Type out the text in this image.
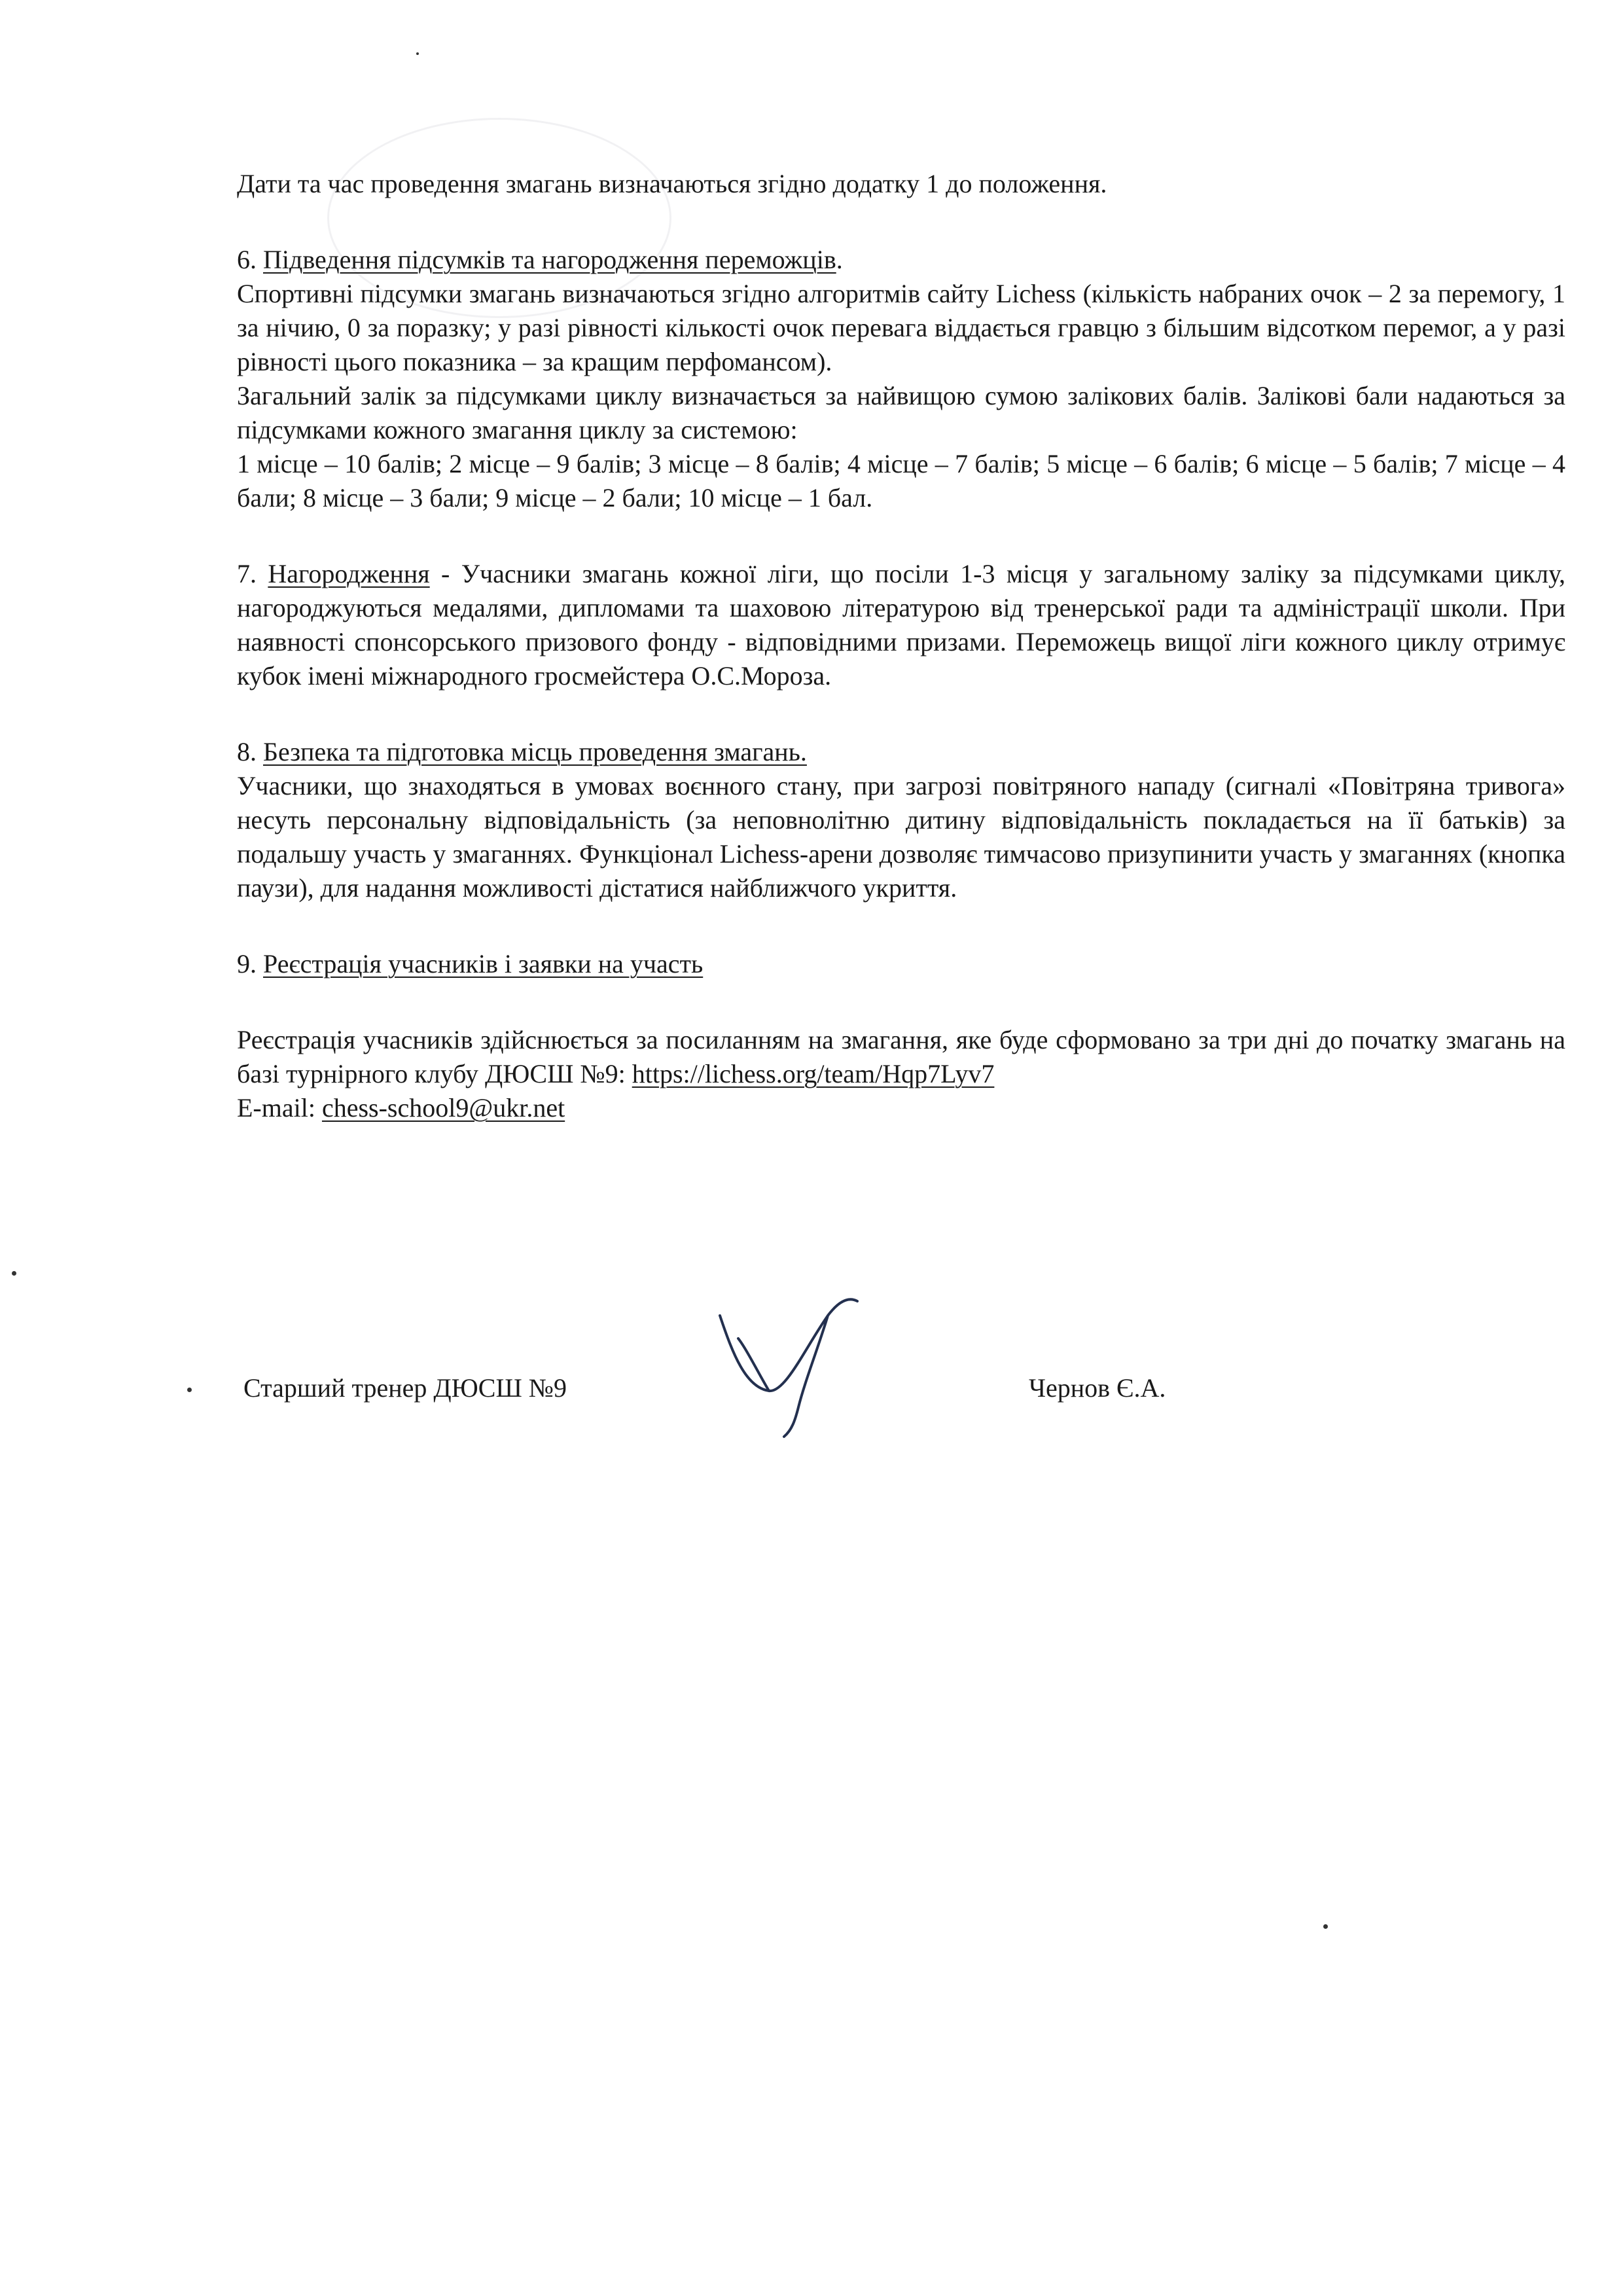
Дати та час проведення змагань визначаються згідно додатку 1 до положення.

6. Підведення підсумків та нагородження переможців.

Спортивні підсумки змагань визначаються згідно алгоритмів сайту Lichess (кількість набраних очок – 2 за перемогу, 1 за нічию, 0 за поразку; у разі рівності кількості очок перевага віддається гравцю з більшим відсотком перемог, а у разі рівності цього показника – за кращим перфомансом).

Загальний залік за підсумками циклу визначається за найвищою сумою залікових балів. Залікові бали надаються за підсумками кожного змагання циклу за системою:

1 місце – 10 балів; 2 місце – 9 балів; 3 місце – 8 балів; 4 місце – 7 балів; 5 місце – 6 балів; 6 місце – 5 балів; 7 місце – 4 бали; 8 місце – 3 бали; 9 місце – 2 бали; 10 місце – 1 бал.

7. Нагородження - Учасники змагань кожної ліги, що посіли 1-3 місця у загальному заліку за підсумками циклу, нагороджуються медалями, дипломами та шаховою літературою від тренерської ради та адміністрації школи. При наявності спонсорського призового фонду - відповідними призами. Переможець вищої ліги кожного циклу отримує кубок імені міжнародного гросмейстера О.С.Мороза.

8. Безпека та підготовка місць проведення змагань.

Учасники, що знаходяться в умовах воєнного стану, при загрозі повітряного нападу (сигналі «Повітряна тривога» несуть персональну відповідальність (за неповнолітню дитину відповідальність покладається на її батьків) за подальшу участь у змаганнях. Функціонал Lichess-арени дозволяє тимчасово призупинити участь у змаганнях (кнопка паузи), для надання можливості дістатися найближчого укриття.

9. Реєстрація учасників і заявки на участь

Реєстрація учасників здійснюється за посиланням на змагання, яке буде сформовано за три дні до початку змагань на базі турнірного клубу ДЮСШ №9: https://lichess.org/team/Hqp7Lyv7

E-mail: chess-school9@ukr.net

Старший тренер ДЮСШ №9	Чернов Є.А.
